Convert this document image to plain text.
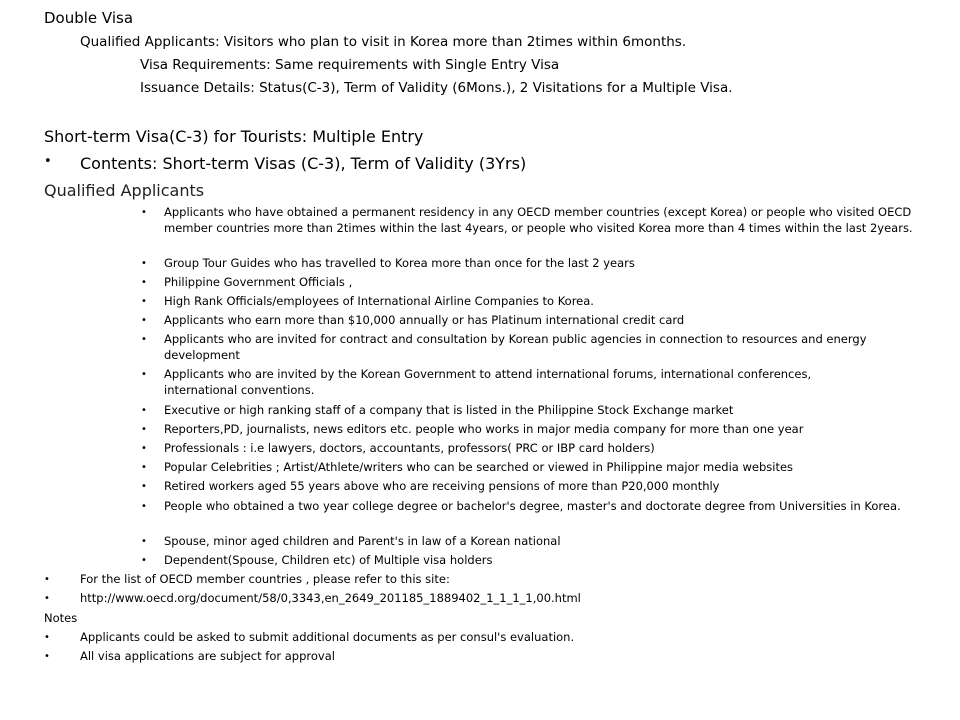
Double Visa
Qualified Applicants: Visitors who plan to visit in Korea more than 2times within 6months.
Visa Requirements: Same requirements with Single Entry Visa
Issuance Details: Status(C-3), Term of Validity (6Mons.), 2 Visitations for a Multiple Visa.
Short-term Visa(C-3) for Tourists: Multiple Entry
• Contents: Short-term Visas (C-3), Term of Validity (3Yrs)
Qualified Applicants
• Applicants who have obtained a permanent residency in any OECD member countries (except Korea) or people who visited OECD member countries more than 2times within the last 4years, or people who visited Korea more than 4 times within the last 2years.
• Group Tour Guides who has travelled to Korea more than once for the last 2 years
• Philippine Government Officials ,
• High Rank Officials/employees of International Airline Companies to Korea.
• Applicants who earn more than $10,000 annually or has Platinum international credit card
• Applicants who are invited for contract and consultation by Korean public agencies in connection to resources and energy development
• Applicants who are invited by the Korean Government to attend international forums, international conferences, international conventions.
• Executive or high ranking staff of a company that is listed in the Philippine Stock Exchange market
• Reporters,PD, journalists, news editors etc. people who works in major media company for more than one year
• Professionals : i.e lawyers, doctors, accountants, professors( PRC or IBP card holders)
• Popular Celebrities ; Artist/Athlete/writers who can be searched or viewed in Philippine major media websites
• Retired workers aged 55 years above who are receiving pensions of more than P20,000 monthly
• People who obtained a two year college degree or bachelor's degree, master's and doctorate degree from Universities in Korea.
• Spouse, minor aged children and Parent's in law of a Korean national
• Dependent(Spouse, Children etc) of Multiple visa holders
•	For the list of OECD member countries , please refer to this site:
•	http://www.oecd.org/document/58/0,3343,en_2649_201185_1889402_1_1_1_1,00.html
Notes
•	Applicants could be asked to submit additional documents as per consul's evaluation.
•	All visa applications are subject for approval
